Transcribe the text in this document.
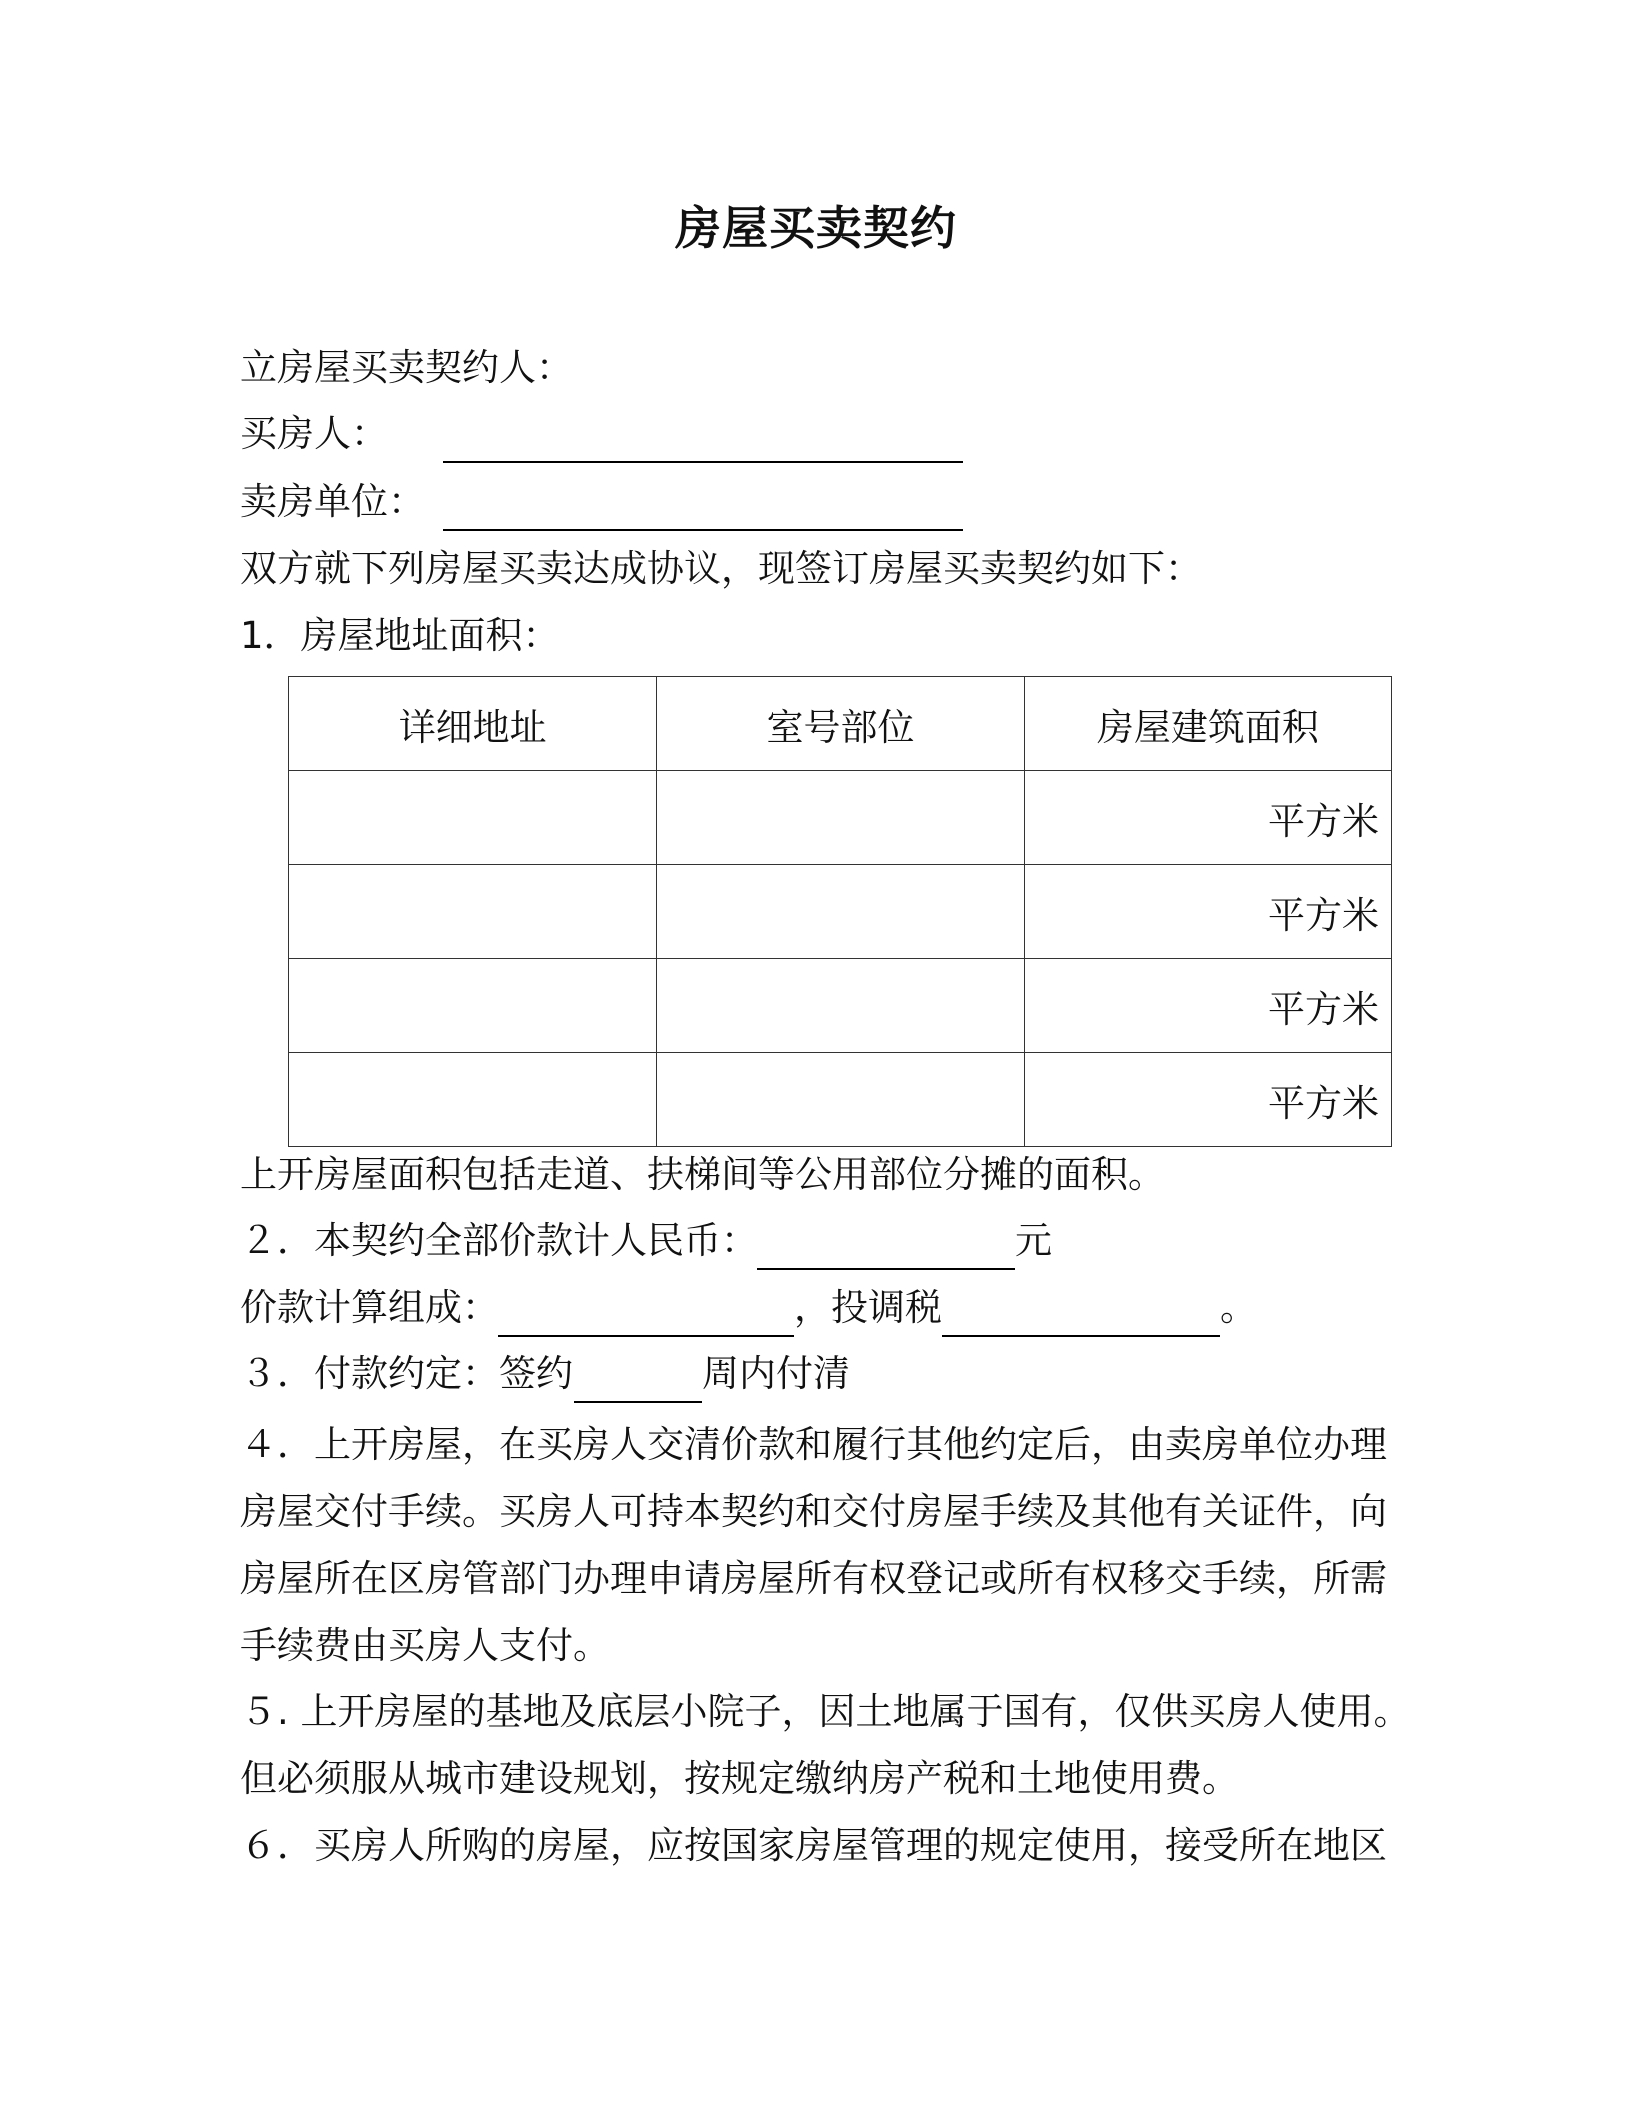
房屋买卖契约
立房屋买卖契约人：
买房人：
卖房单位：
双方就下列房屋买卖达成协议，现签订房屋买卖契约如下：
1．房屋地址面积：
详细地址	室号部位	房屋建筑面积
		平方米
		平方米
		平方米
		平方米
上开房屋面积包括走道、扶梯间等公用部位分摊的面积。
２．本契约全部价款计人民币：	元
价款计算组成：	，投调税	。
３．付款约定：签约	周内付清

４．上开房屋，在买房人交清价款和履行其他约定后，由卖房单位办理

房屋交付手续。买房人可持本契约和交付房屋手续及其他有关证件，向

房屋所在区房管部门办理申请房屋所有权登记或所有权移交手续，所需

手续费由买房人支付。

５. 上开房屋的基地及底层小院子，因土地属于国有，仅供买房人使用。

但必须服从城市建设规划，按规定缴纳房产税和土地使用费。

６．买房人所购的房屋，应按国家房屋管理的规定使用，接受所在地区
